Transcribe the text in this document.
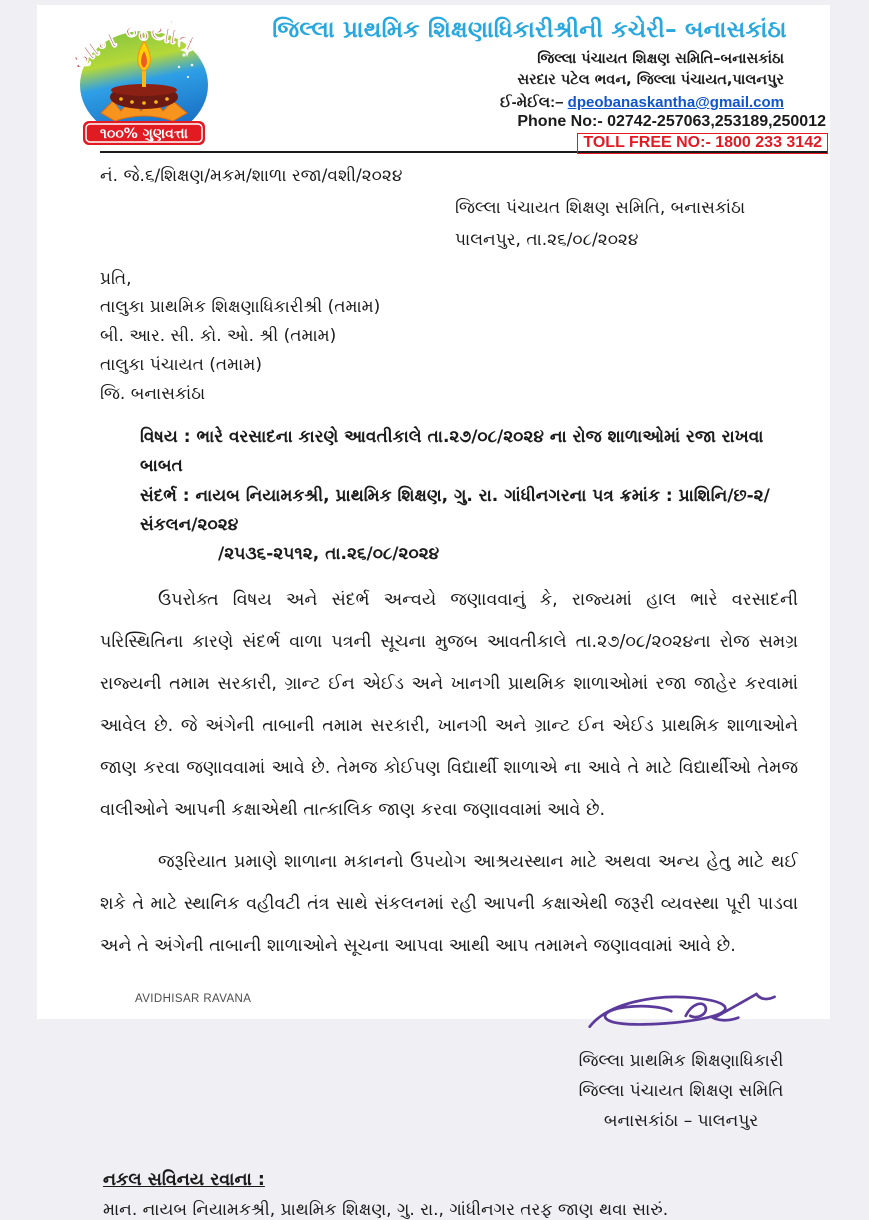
જ્ઞાન જ્યોત
૧૦૦% ગુણવત્તા
જિલ્લા પ્રાથમિક શિક્ષણાધિકારીશ્રીની કચેરી– બનાસકાંઠા
જિલ્લા પંચાયત શિક્ષણ સમિતિ–બનાસકાંઠા
સરદાર પટેલ ભવન, જિલ્લા પંચાયત,પાલનપુર
ઈ-મેઈલ:– dpeobanaskantha@gmail.com
Phone No:- 02742-257063,253189,250012
TOLL FREE NO:- 1800 233 3142
નં. જે.૬/શિક્ષણ/મકમ/શાળા રજા/વશી/૨૦૨૪
જિલ્લા પંચાયત શિક્ષણ સમિતિ, બનાસકાંઠા
પાલનપુર, તા.૨૬/૦૮/૨૦૨૪
પ્રતિ,
તાલુકા પ્રાથમિક શિક્ષણાધિકારીશ્રી (તમામ)
બી. આર. સી. કો. ઓ. શ્રી (તમામ)
તાલુકા પંચાયત (તમામ)
જિ. બનાસકાંઠા
વિષય : ભારે વરસાદના કારણે આવતીકાલે તા.૨૭/૦૮/૨૦૨૪ ના રોજ શાળાઓમાં રજા રાખવા બાબત
સંદર્ભ : નાયબ નિયામકશ્રી, પ્રાથમિક શિક્ષણ, ગુ. રા. ગાંધીનગરના પત્ર ક્રમાંક : પ્રાશિનિ/છ-૨/સંકલન/૨૦૨૪
/૨૫૩૬-૨૫૧૨, તા.૨૬/૦૮/૨૦૨૪

ઉપરોક્ત વિષય અને સંદર્ભ અન્વયે જણાવવાનું કે, રાજ્યમાં હાલ ભારે વરસાદની પરિસ્થિતિના કારણે સંદર્ભ વાળા પત્રની સૂચના મુજબ આવતીકાલે તા.૨૭/૦૮/૨૦૨૪ના રોજ સમગ્ર રાજ્યની તમામ સરકારી, ગ્રાન્ટ ઈન એઈડ અને ખાનગી પ્રાથમિક શાળાઓમાં રજા જાહેર કરવામાં આવેલ છે. જે અંગેની તાબાની તમામ સરકારી, ખાનગી અને ગ્રાન્ટ ઈન એઈડ પ્રાથમિક શાળાઓને જાણ કરવા જણાવવામાં આવે છે. તેમજ કોઈપણ વિદ્યાર્થી શાળાએ ના આવે તે માટે વિદ્યાર્થીઓ તેમજ વાલીઓને આપની કક્ષાએથી તાત્કાલિક જાણ કરવા જણાવવામાં આવે છે.

જરૂરિયાત પ્રમાણે શાળાના મકાનનો ઉપયોગ આશ્રયસ્થાન માટે અથવા અન્ય હેતુ માટે થઈ શકે તે માટે સ્થાનિક વહીવટી તંત્ર સાથે સંકલનમાં રહી આપની કક્ષાએથી જરૂરી વ્યવસ્થા પૂરી પાડવા અને તે અંગેની તાબાની શાળાઓને સૂચના આપવા આથી આપ તમામને જણાવવામાં આવે છે.

જિલ્લા પ્રાથમિક શિક્ષણાધિકારી
જિલ્લા પંચાયત શિક્ષણ સમિતિ
બનાસકાંઠા – પાલનપુર
નકલ સવિનય રવાના :
માન. નાયબ નિયામકશ્રી, પ્રાથમિક શિક્ષણ, ગુ. રા., ગાંધીનગર તરફ જાણ થવા સારું.
AVIDHISAR RAVANA
